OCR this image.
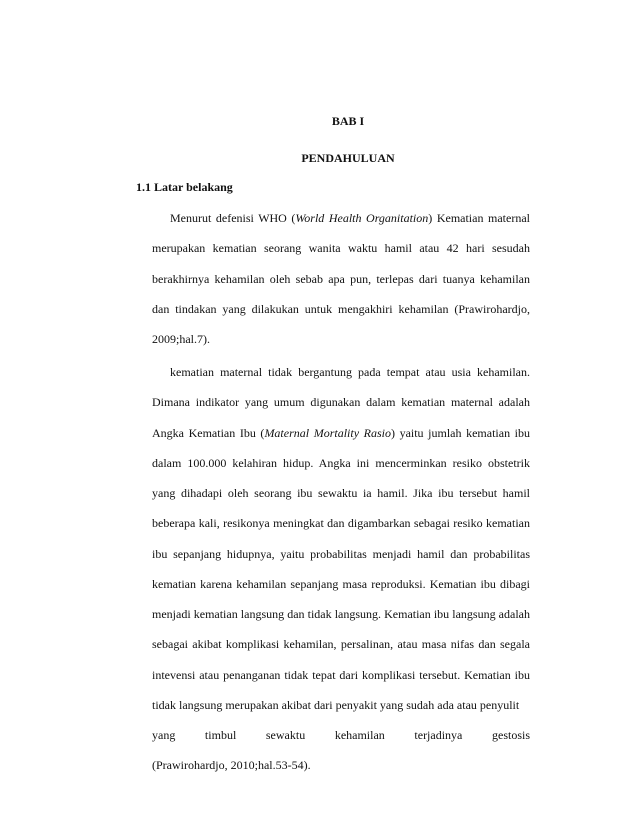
BAB I

PENDAHULUAN

1.1 Latar belakang

Menurut defenisi WHO (World Health Organitation) Kematian maternal merupakan kematian seorang wanita waktu hamil atau 42 hari sesudah berakhirnya kehamilan oleh sebab apa pun, terlepas dari tuanya kehamilan dan tindakan yang dilakukan untuk mengakhiri kehamilan (Prawirohardjo, 2009;hal.7).

kematian maternal tidak bergantung pada tempat atau usia kehamilan. Dimana indikator yang umum digunakan dalam kematian maternal adalah Angka Kematian Ibu (Maternal Mortality Rasio) yaitu jumlah kematian ibu dalam 100.000 kelahiran hidup. Angka ini mencerminkan resiko obstetrik yang dihadapi oleh seorang ibu sewaktu ia hamil. Jika ibu tersebut hamil beberapa kali, resikonya meningkat dan digambarkan sebagai resiko kematian ibu sepanjang hidupnya, yaitu probabilitas menjadi hamil dan probabilitas kematian karena kehamilan sepanjang masa reproduksi. Kematian ibu dibagi menjadi kematian langsung dan tidak langsung. Kematian ibu langsung adalah sebagai akibat komplikasi kehamilan, persalinan, atau masa nifas dan segala intevensi atau penanganan tidak tepat dari komplikasi tersebut. Kematian ibu tidak langsung merupakan akibat dari penyakit yang sudah ada atau penyulit
yang timbul sewaktu kehamilan terjadinya gestosis
(Prawirohardjo, 2010;hal.53-54).
